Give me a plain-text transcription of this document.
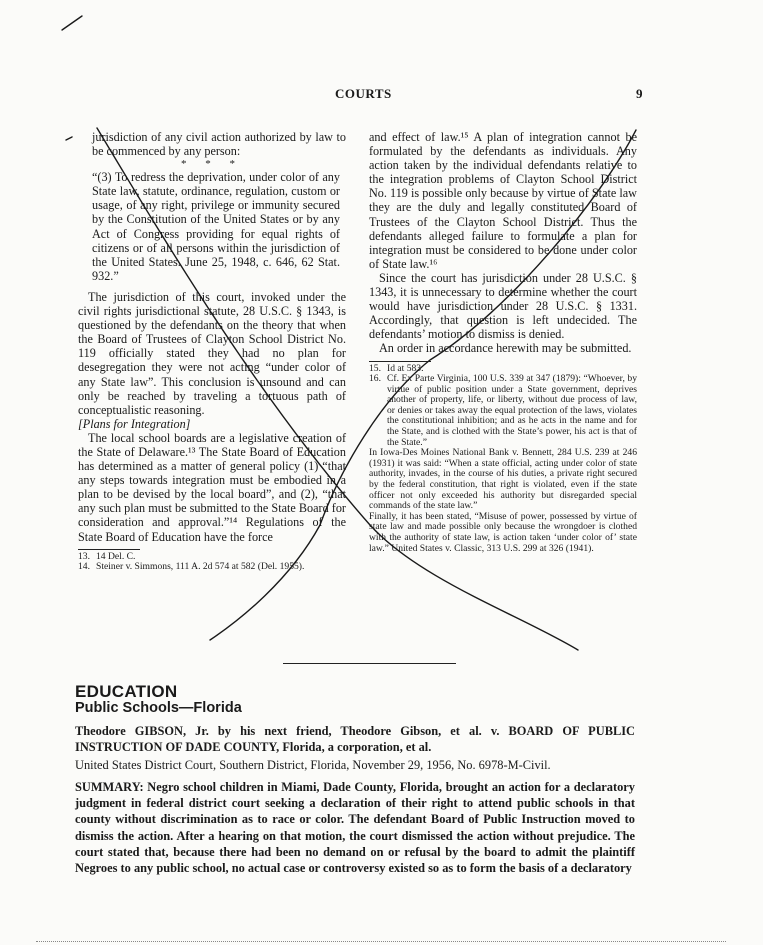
COURTS	9

jurisdiction of any civil action authorized by law to be commenced by any person:

* * *

“(3) To redress the deprivation, under color of any State law, statute, ordinance, regulation, custom or usage, of any right, privilege or immunity secured by the Constitution of the United States or by any Act of Congress providing for equal rights of citizens or of all persons within the jurisdiction of the United States. June 25, 1948, c. 646, 62 Stat. 932.”

The jurisdiction of this court, invoked under the civil rights jurisdictional statute, 28 U.S.C. § 1343, is questioned by the defendants on the theory that when the Board of Trustees of Clayton School District No. 119 officially stated they had no plan for desegregation they were not acting “under color of any State law”. This conclusion is unsound and can only be reached by traveling a tortuous path of conceptualistic reasoning.

[Plans for Integration]

The local school boards are a legislative creation of the State of Delaware.¹³ The State Board of Education has determined as a matter of general policy (1) “that any steps towards integration must be embodied in a plan to be devised by the local board”, and (2), “that any such plan must be submitted to the State Board for consideration and approval.”¹⁴ Regulations of the State Board of Education have the force

13. 14 Del. C.
14. Steiner v. Simmons, 111 A. 2d 574 at 582 (Del. 1955).

and effect of law.¹⁵ A plan of integration cannot be formulated by the defendants as individuals. Any action taken by the individual defendants relative to the integration problems of Clayton School District No. 119 is possible only because by virtue of State law they are the duly and legally constituted Board of Trustees of the Clayton School District. Thus the defendants alleged failure to formulate a plan for integration must be considered to be done under color of State law.¹⁶

Since the court has jurisdiction under 28 U.S.C. § 1343, it is unnecessary to determine whether the court would have jurisdiction under 28 U.S.C. § 1331. Accordingly, that question is left undecided. The defendants’ motion to dismiss is denied.

An order in accordance herewith may be submitted.

15. Id at 583.
16. Cf. Ex Parte Virginia, 100 U.S. 339 at 347 (1879): “Whoever, by virtue of public position under a State government, deprives another of property, life, or liberty, without due process of law, or denies or takes away the equal protection of the laws, violates the constitutional inhibition; and as he acts in the name and for the State, and is clothed with the State’s power, his act is that of the State.”
In Iowa-Des Moines National Bank v. Bennett, 284 U.S. 239 at 246 (1931) it was said: “When a state official, acting under color of state authority, invades, in the course of his duties, a private right secured by the federal constitution, that right is violated, even if the state officer not only exceeded his authority but disregarded special commands of the state law.”
Finally, it has been stated, “Misuse of power, possessed by virtue of state law and made possible only because the wrongdoer is clothed with the authority of state law, is action taken ‘under color of’ state law.” United States v. Classic, 313 U.S. 299 at 326 (1941).
EDUCATION
Public Schools—Florida
Theodore GIBSON, Jr. by his next friend, Theodore Gibson, et al. v. BOARD OF PUBLIC INSTRUCTION OF DADE COUNTY, Florida, a corporation, et al.
United States District Court, Southern District, Florida, November 29, 1956, No. 6978-M-Civil.
SUMMARY: Negro school children in Miami, Dade County, Florida, brought an action for a declaratory judgment in federal district court seeking a declaration of their right to attend public schools in that county without discrimination as to race or color. The defendant Board of Public Instruction moved to dismiss the action. After a hearing on that motion, the court dismissed the action without prejudice. The court stated that, because there had been no demand on or refusal by the board to admit the plaintiff Negroes to any public school, no actual case or controversy existed so as to form the basis of a declaratory
